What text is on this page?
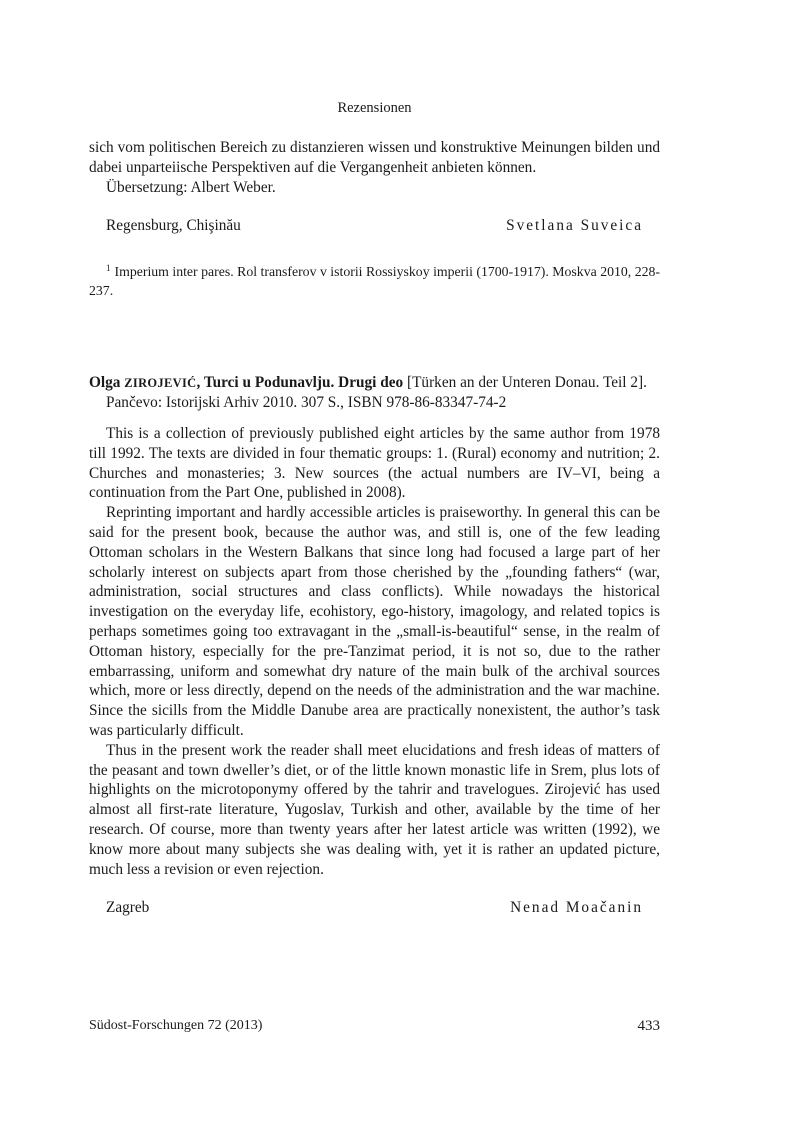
Rezensionen

sich vom politischen Bereich zu distanzieren wissen und konstruktive Meinungen bilden und dabei unparteiische Perspektiven auf die Vergangenheit anbieten können.

Übersetzung: Albert Weber.

Regensburg, Chişinău	Svetlana Suveica

$^1$ Imperium inter pares. Rol transferov v istorii Rossiyskoy imperii (1700-1917). Moskva 2010, 228-237.

Olga ZIROJEVIĆ, Turci u Podunavlju. Drugi deo [Türken an der Unteren Donau. Teil 2].
Pančevo: Istorijski Arhiv 2010. 307 S., ISBN 978-86-83347-74-2

This is a collection of previously published eight articles by the same author from 1978 till 1992. The texts are divided in four thematic groups: 1. (Rural) economy and nutrition; 2. Churches and monasteries; 3. New sources (the actual numbers are IV–VI, being a continuation from the Part One, published in 2008).

Reprinting important and hardly accessible articles is praiseworthy. In general this can be said for the present book, because the author was, and still is, one of the few leading Ottoman scholars in the Western Balkans that since long had focused a large part of her scholarly interest on subjects apart from those cherished by the „founding fathers“ (war, administration, social structures and class conflicts). While nowadays the historical investigation on the everyday life, ecohistory, ego-history, imagology, and related topics is perhaps sometimes going too extravagant in the „small-is-beautiful“ sense, in the realm of Ottoman history, especially for the pre-Tanzimat period, it is not so, due to the rather embarrassing, uniform and somewhat dry nature of the main bulk of the archival sources which, more or less directly, depend on the needs of the administration and the war machine. Since the sicills from the Middle Danube area are practically nonexistent, the author’s task was particularly difficult.

Thus in the present work the reader shall meet elucidations and fresh ideas of matters of the peasant and town dweller’s diet, or of the little known monastic life in Srem, plus lots of highlights on the microtoponymy offered by the tahrir and travelogues. Zirojević has used almost all first-rate literature, Yugoslav, Turkish and other, available by the time of her research. Of course, more than twenty years after her latest article was written (1992), we know more about many subjects she was dealing with, yet it is rather an updated picture, much less a revision or even rejection.

Zagreb	Nenad Moačanin
Südost-Forschungen 72 (2013)	433
